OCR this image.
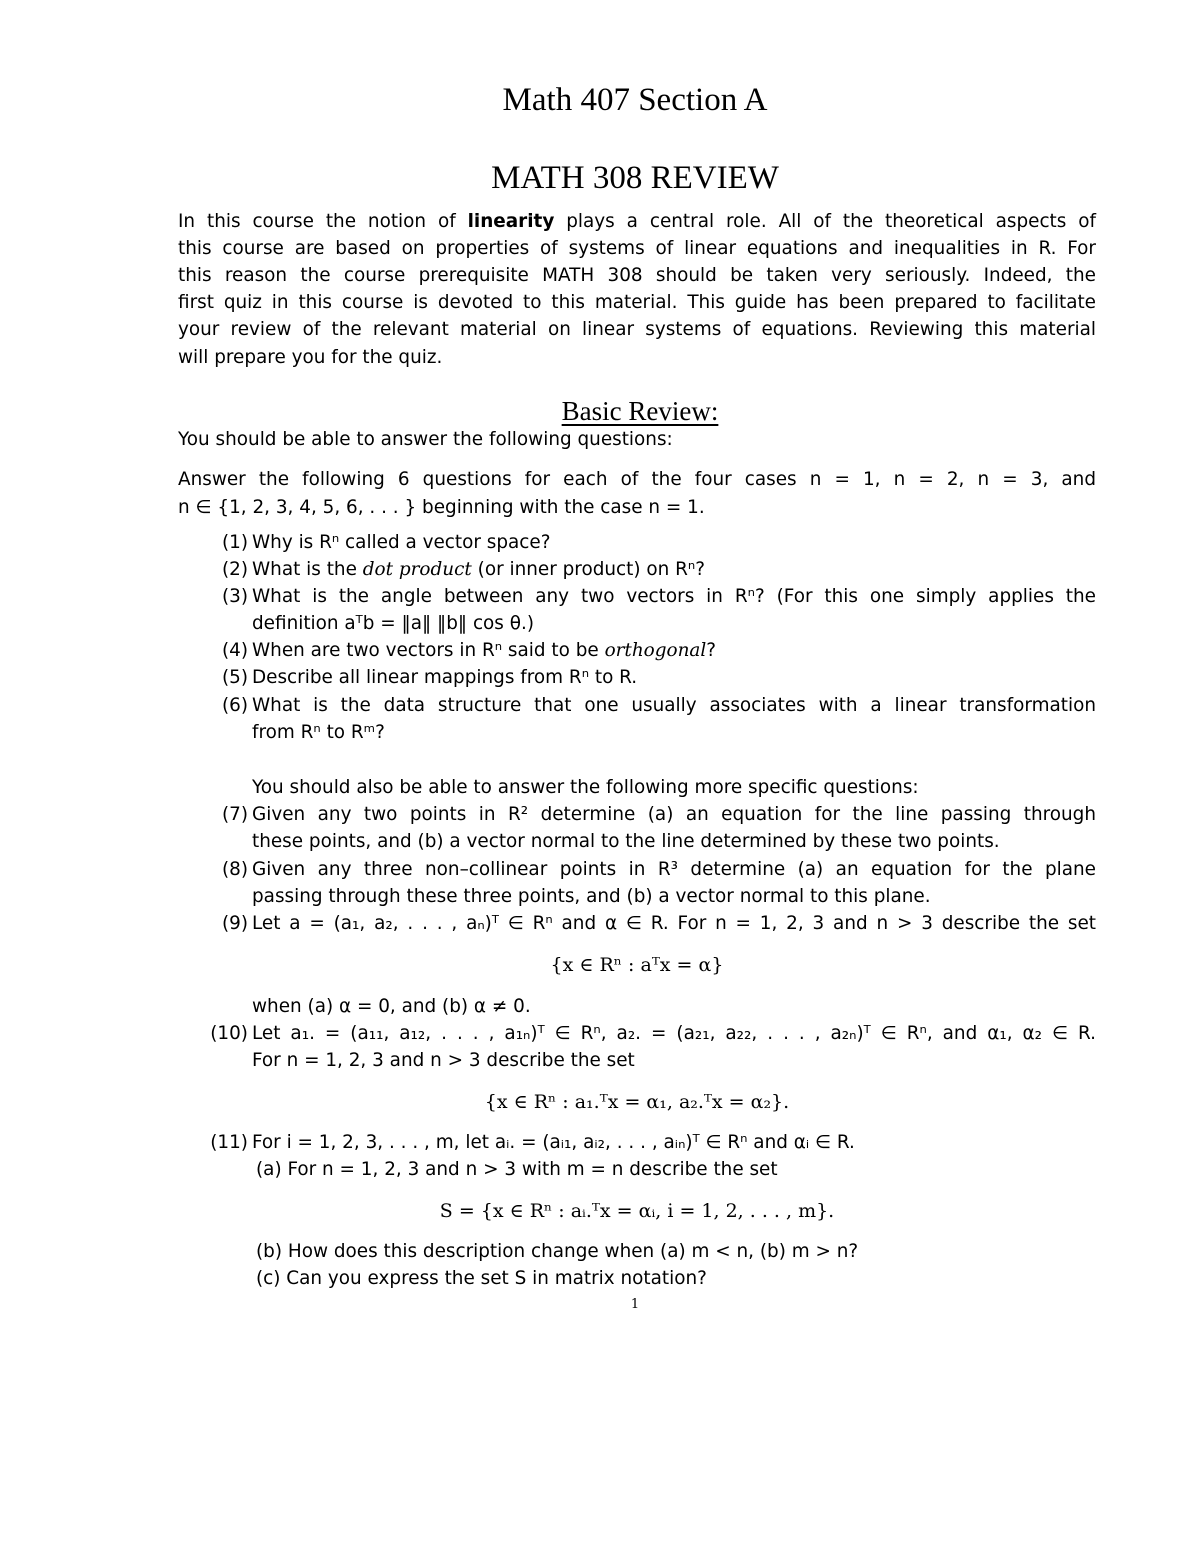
Math 407 Section A
MATH 308 REVIEW
In this course the notion of linearity plays a central role. All of the theoretical aspects of
this course are based on properties of systems of linear equations and inequalities in R. For
this reason the course prerequisite MATH 308 should be taken very seriously. Indeed, the
first quiz in this course is devoted to this material. This guide has been prepared to facilitate
your review of the relevant material on linear systems of equations. Reviewing this material
will prepare you for the quiz.
Basic Review:
You should be able to answer the following questions:
Answer the following 6 questions for each of the four cases n = 1, n = 2, n = 3, and
n ∈ {1, 2, 3, 4, 5, 6, . . . } beginning with the case n = 1.
(1) Why is Rⁿ called a vector space?
(2) What is the dot product (or inner product) on Rⁿ?
(3) What is the angle between any two vectors in Rⁿ? (For this one simply applies the
definition aᵀb = ‖a‖ ‖b‖ cos θ.)
(4) When are two vectors in Rⁿ said to be orthogonal?
(5) Describe all linear mappings from Rⁿ to R.
(6) What is the data structure that one usually associates with a linear transformation
from Rⁿ to Rᵐ?
You should also be able to answer the following more specific questions:
(7) Given any two points in R² determine (a) an equation for the line passing through
these points, and (b) a vector normal to the line determined by these two points.
(8) Given any three non–collinear points in R³ determine (a) an equation for the plane
passing through these three points, and (b) a vector normal to this plane.
(9) Let a = (a₁, a₂, . . . , aₙ)ᵀ ∈ Rⁿ and α ∈ R. For n = 1, 2, 3 and n > 3 describe the set
{x ∈ Rⁿ : aᵀx = α}
when (a) α = 0, and (b) α ≠ 0.
(10) Let a₁. = (a₁₁, a₁₂, . . . , a₁ₙ)ᵀ ∈ Rⁿ, a₂. = (a₂₁, a₂₂, . . . , a₂ₙ)ᵀ ∈ Rⁿ, and α₁, α₂ ∈ R.
For n = 1, 2, 3 and n > 3 describe the set
{x ∈ Rⁿ : a₁.ᵀx = α₁, a₂.ᵀx = α₂}.
(11) For i = 1, 2, 3, . . . , m, let aᵢ. = (aᵢ₁, aᵢ₂, . . . , aᵢₙ)ᵀ ∈ Rⁿ and αᵢ ∈ R.
(a) For n = 1, 2, 3 and n > 3 with m = n describe the set
S = {x ∈ Rⁿ : aᵢ.ᵀx = αᵢ, i = 1, 2, . . . , m}.
(b) How does this description change when (a) m < n, (b) m > n?
(c) Can you express the set S in matrix notation?
1
